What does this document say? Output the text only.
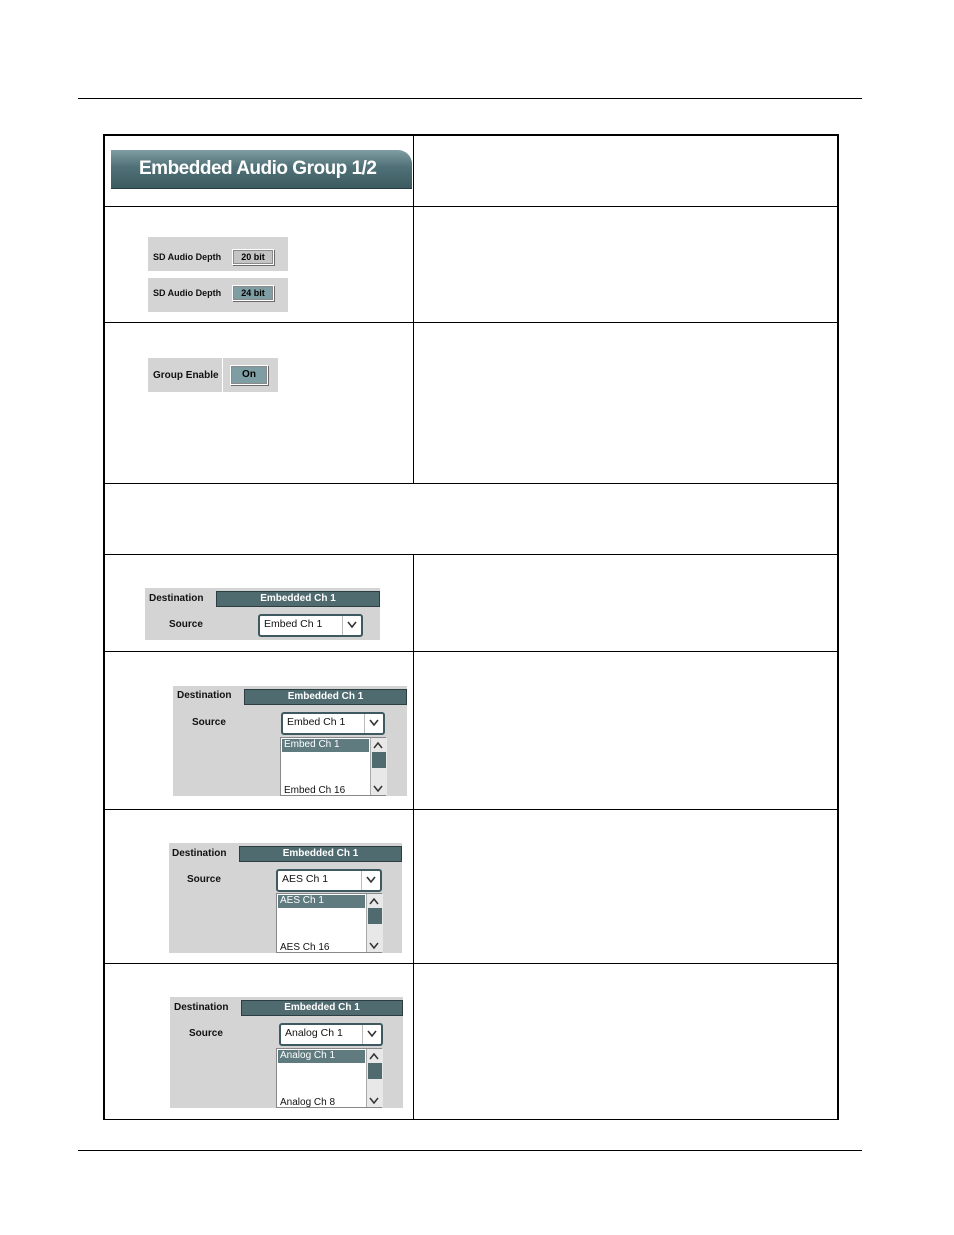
Embedded Audio Group 1/2
SD Audio Depth	20 bit
SD Audio Depth	24 bit
Group Enable	On
Destination	Embedded Ch 1
Source	Embed Ch 1
Destination	Embedded Ch 1
Source	Embed Ch 1
Embed Ch 1
Embed Ch 16
Destination	Embedded Ch 1
Source	AES Ch 1
AES Ch 1
AES Ch 16
Destination	Embedded Ch 1
Source	Analog Ch 1
Analog Ch 1
Analog Ch 8
